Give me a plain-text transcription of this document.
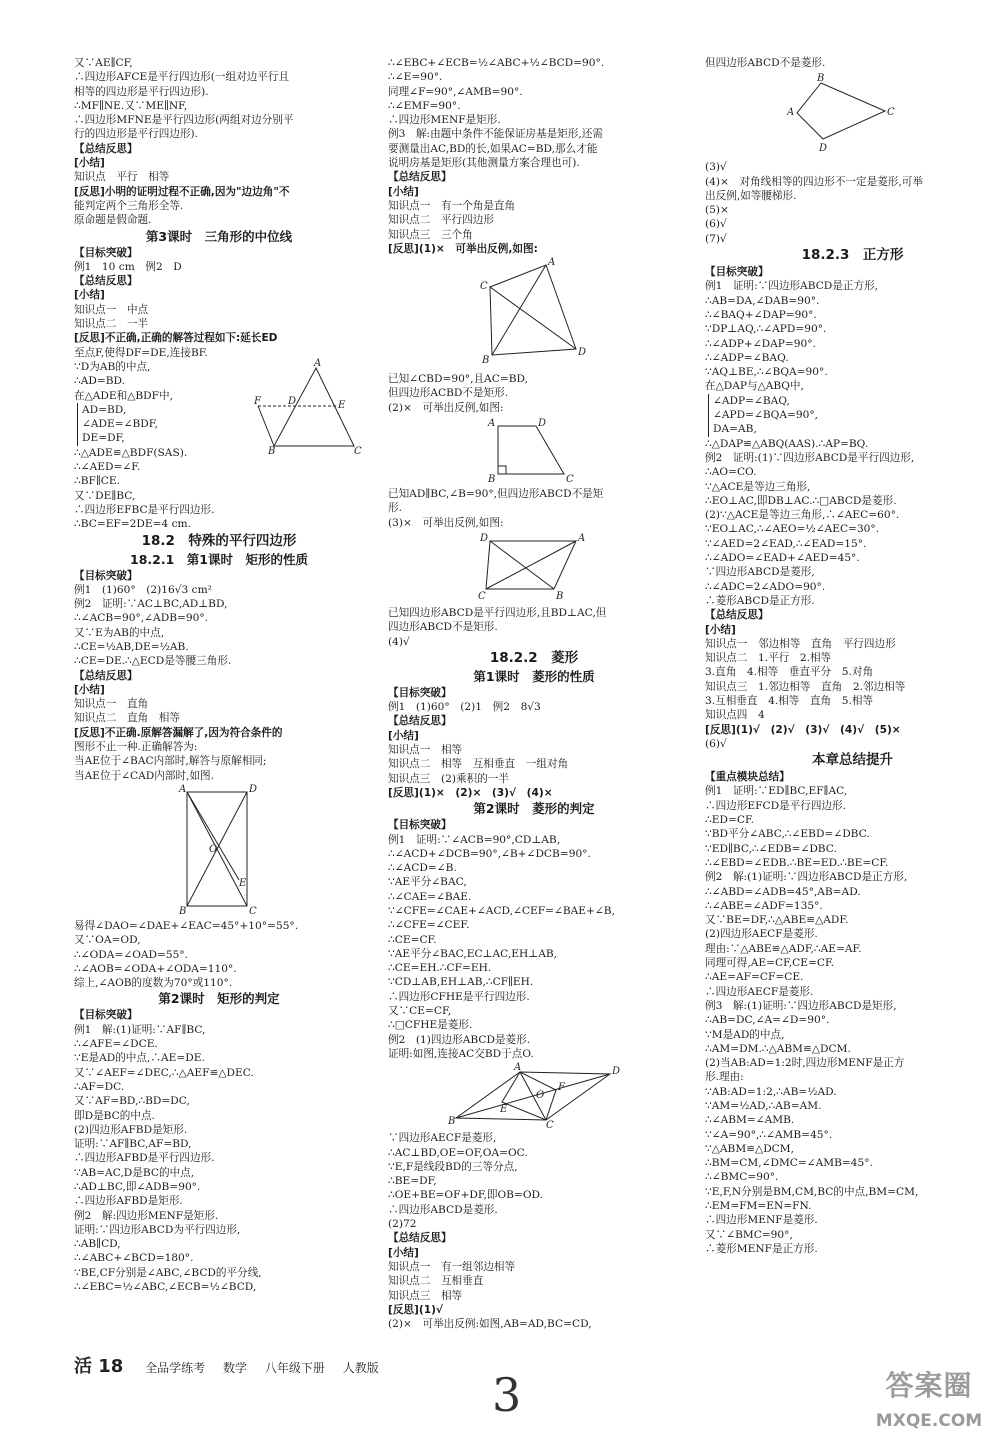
又∵AE∥CF,
∴四边形AFCE是平行四边形(一组对边平行且
相等的四边形是平行四边形).
∴MF∥NE.又∵ME∥NF,
∴四边形MFNE是平行四边形(两组对边分别平
行的四边形是平行四边形).
【总结反思】
[小结]
知识点　平行　相等
[反思]小明的证明过程不正确,因为"边边角"不
能判定两个三角形全等.
原命题是假命题.
第3课时　三角形的中位线
【目标突破】
例1　10 cm　例2　D
【总结反思】
[小结]
知识点一　中点
知识点二　一半
[反思]不正确,正确的解答过程如下:延长ED
至点F,使得DF=DE,连接BF.
∵D为AB的中点,
∴AD=BD.
在△ADE和△BDF中,
AD=BD,
∠ADE=∠BDF,
DE=DF,
A
F	D	E
B	C
∴△ADE≌△BDF(SAS).
∴∠AED=∠F.
∴BF∥CE.
又∵DE∥BC,
∴四边形EFBC是平行四边形.
∴BC=EF=2DE=4 cm.
18.2　特殊的平行四边形
18.2.1　第1课时　矩形的性质
【目标突破】
例1　(1)60°　(2)16√3 cm²
例2　证明:∵AC⊥BC,AD⊥BD,
∴∠ACB=90°,∠ADB=90°.
又∵E为AB的中点,
∴CE=½AB,DE=½AB.
∴CE=DE.∴△ECD是等腰三角形.
【总结反思】
[小结]
知识点一　直角
知识点二　直角　相等
[反思]不正确.原解答漏解了,因为符合条件的
图形不止一种.正确解答为:
当AE位于∠BAC内部时,解答与原解相同;
当AE位于∠CAD内部时,如图.
A	D
O
E
B	C
易得∠DAO=∠DAE+∠EAC=45°+10°=55°.
又∵OA=OD,
∴∠ODA=∠OAD=55°.
∴∠AOB=∠ODA+∠ODA=110°.
综上,∠AOB的度数为70°或110°.
第2课时　矩形的判定
【目标突破】
例1　解:(1)证明:∵AF∥BC,
∴∠AFE=∠DCE.
∵E是AD的中点,∴AE=DE.
又∵∠AEF=∠DEC,∴△AEF≌△DEC.
∴AF=DC.
又∵AF=BD,∴BD=DC,
即D是BC的中点.
(2)四边形AFBD是矩形.
证明:∵AF∥BC,AF=BD,
∴四边形AFBD是平行四边形.
∵AB=AC,D是BC的中点,
∴AD⊥BC,即∠ADB=90°.
∴四边形AFBD是矩形.
例2　解:四边形MENF是矩形.
证明:∵四边形ABCD为平行四边形,
∴AB∥CD,
∴∠ABC+∠BCD=180°.
∵BE,CF分别是∠ABC,∠BCD的平分线,
∴∠EBC=½∠ABC,∠ECB=½∠BCD,
∴∠EBC+∠ECB=½∠ABC+½∠BCD=90°.
∴∠E=90°.
同理∠F=90°,∠AMB=90°.
∴∠EMF=90°.
∴四边形MENF是矩形.
例3　解:由题中条件不能保证房基是矩形,还需
要测量出AC,BD的长,如果AC=BD,那么才能
说明房基是矩形(其他测量方案合理也可).
【总结反思】
[小结]
知识点一　有一个角是直角
知识点二　平行四边形
知识点三　三个角
[反思](1)×　可举出反例,如图:
C
A
D
B
已知∠CBD=90°,且AC=BD,
但四边形ACBD不是矩形.
(2)×　可举出反例,如图:
A	D
B	C
已知AD∥BC,∠B=90°,但四边形ABCD不是矩
形.
(3)×　可举出反例,如图:
D	A
C	B
已知四边形ABCD是平行四边形,且BD⊥AC,但
四边形ABCD不是矩形.
(4)√
18.2.2　菱形
第1课时　菱形的性质
【目标突破】
例1　(1)60°　(2)1　例2　8√3
【总结反思】
[小结]
知识点一　相等
知识点二　相等　互相垂直　一组对角
知识点三　(2)乘积的一半
[反思](1)×　(2)×　(3)√　(4)×
第2课时　菱形的判定
【目标突破】
例1　证明:∵∠ACB=90°,CD⊥AB,
∴∠ACD+∠DCB=90°,∠B+∠DCB=90°.
∴∠ACD=∠B.
∵AE平分∠BAC,
∴∠CAE=∠BAE.
∵∠CFE=∠CAE+∠ACD,∠CEF=∠BAE+∠B,
∴∠CFE=∠CEF.
∴CE=CF.
∵AE平分∠BAC,EC⊥AC,EH⊥AB,
∴CE=EH.∴CF=EH.
∵CD⊥AB,EH⊥AB,∴CF∥EH.
∴四边形CFHE是平行四边形.
又∵CE=CF,
∴□CFHE是菱形.
例2　(1)四边形ABCD是菱形.
证明:如图,连接AC交BD于点O.
B
A	D
C
E
O
F
∵四边形AECF是菱形,
∴AC⊥BD,OE=OF,OA=OC.
∵E,F是线段BD的三等分点,
∴BE=DF,
∴OE+BE=OF+DF,即OB=OD.
∴四边形ABCD是菱形.
(2)72
【总结反思】
[小结]
知识点一　有一组邻边相等
知识点二　互相垂直
知识点三　相等
[反思](1)√
(2)×　可举出反例:如图,AB=AD,BC=CD,
但四边形ABCD不是菱形.
B
A
D
C
(3)√
(4)×　对角线相等的四边形不一定是菱形,可举
出反例,如等腰梯形.
(5)×
(6)√
(7)√
18.2.3　正方形
【目标突破】
例1　证明:∵四边形ABCD是正方形,
∴AB=DA,∠DAB=90°.
∴∠BAQ+∠DAP=90°.
∵DP⊥AQ,∴∠APD=90°.
∴∠ADP+∠DAP=90°.
∴∠ADP=∠BAQ.
∵AQ⊥BE,∴∠BQA=90°.
在△DAP与△ABQ中,
∠ADP=∠BAQ,
∠APD=∠BQA=90°,
DA=AB,
∴△DAP≌△ABQ(AAS).∴AP=BQ.
例2　证明:(1)∵四边形ABCD是平行四边形,
∴AO=CO.
∵△ACE是等边三角形,
∴EO⊥AC,即DB⊥AC.∴□ABCD是菱形.
(2)∵△ACE是等边三角形,∴∠AEC=60°.
∵EO⊥AC,∴∠AEO=½∠AEC=30°.
∵∠AED=2∠EAD,∴∠EAD=15°.
∴∠ADO=∠EAD+∠AED=45°.
∵四边形ABCD是菱形,
∴∠ADC=2∠ADO=90°.
∴菱形ABCD是正方形.
【总结反思】
[小结]
知识点一　邻边相等　直角　平行四边形
知识点二　1.平行　2.相等
3.直角　4.相等　垂直平分　5.对角
知识点三　1.邻边相等　直角　2.邻边相等
3.互相垂直　4.相等　直角　5.相等
知识点四　4
[反思](1)√　(2)√　(3)√　(4)√　(5)×
(6)√
本章总结提升
【重点模块总结】
例1　证明:∵ED∥BC,EF∥AC,
∴四边形EFCD是平行四边形.
∴ED=CF.
∵BD平分∠ABC,∴∠EBD=∠DBC.
∵ED∥BC,∴∠EDB=∠DBC.
∴∠EBD=∠EDB.∴BE=ED.∴BE=CF.
例2　解:(1)证明:∵四边形ABCD是正方形,
∴∠ABD=∠ADB=45°,AB=AD.
∴∠ABE=∠ADF=135°.
又∵BE=DF,∴△ABE≌△ADF.
(2)四边形AECF是菱形.
理由:∵△ABE≌△ADF,∴AE=AF.
同理可得,AE=CF,CE=CF.
∴AE=AF=CF=CE.
∴四边形AECF是菱形.
例3　解:(1)证明:∵四边形ABCD是矩形,
∴AB=DC,∠A=∠D=90°.
∵M是AD的中点,
∴AM=DM.∴△ABM≌△DCM.
(2)当AB:AD=1:2时,四边形MENF是正方
形.理由:
∵AB:AD=1:2,∴AB=½AD.
∵AM=½AD,∴AB=AM.
∴∠ABM=∠AMB.
∵∠A=90°,∴∠AMB=45°.
∵△ABM≌△DCM,
∴BM=CM,∠DMC=∠AMB=45°.
∴∠BMC=90°.
∵E,F,N分别是BM,CM,BC的中点,BM=CM,
∴EM=FM=EN=FN.
∴四边形MENF是菱形.
又∵∠BMC=90°,
∴菱形MENF是正方形.
活 18 全品学练考 数学 八年级下册 人教版	3	答案圈
MXQE.COM
